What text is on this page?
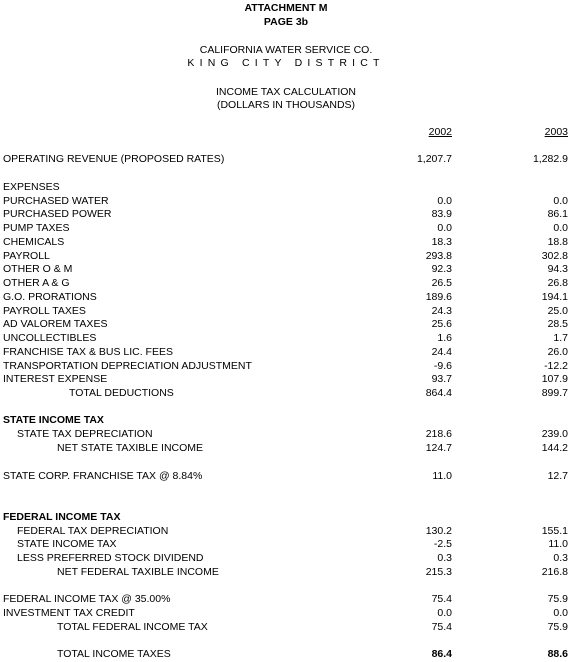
ATTACHMENT M
PAGE 3b
CALIFORNIA WATER SERVICE CO.
KING CITY DISTRICT
INCOME TAX CALCULATION
(DOLLARS IN THOUSANDS)
2002	2003
OPERATING REVENUE (PROPOSED RATES)	1,207.7	1,282.9
EXPENSES
PURCHASED WATER	0.0	0.0
PURCHASED POWER	83.9	86.1
PUMP TAXES	0.0	0.0
CHEMICALS	18.3	18.8
PAYROLL	293.8	302.8
OTHER O & M	92.3	94.3
OTHER A & G	26.5	26.8
G.O. PRORATIONS	189.6	194.1
PAYROLL TAXES	24.3	25.0
AD VALOREM TAXES	25.6	28.5
UNCOLLECTIBLES	1.6	1.7
FRANCHISE TAX & BUS LIC. FEES	24.4	26.0
TRANSPORTATION DEPRECIATION ADJUSTMENT	-9.6	-12.2
INTEREST EXPENSE	93.7	107.9
TOTAL DEDUCTIONS	864.4	899.7
STATE INCOME TAX
STATE TAX DEPRECIATION	218.6	239.0
NET STATE TAXIBLE INCOME	124.7	144.2
STATE CORP. FRANCHISE TAX @ 8.84%	11.0	12.7
FEDERAL INCOME TAX
FEDERAL TAX DEPRECIATION	130.2	155.1
STATE INCOME TAX	-2.5	11.0
LESS PREFERRED STOCK DIVIDEND	0.3	0.3
NET FEDERAL TAXIBLE INCOME	215.3	216.8
FEDERAL INCOME TAX @ 35.00%	75.4	75.9
INVESTMENT TAX CREDIT	0.0	0.0
TOTAL FEDERAL INCOME TAX	75.4	75.9
TOTAL INCOME TAXES	86.4	88.6
